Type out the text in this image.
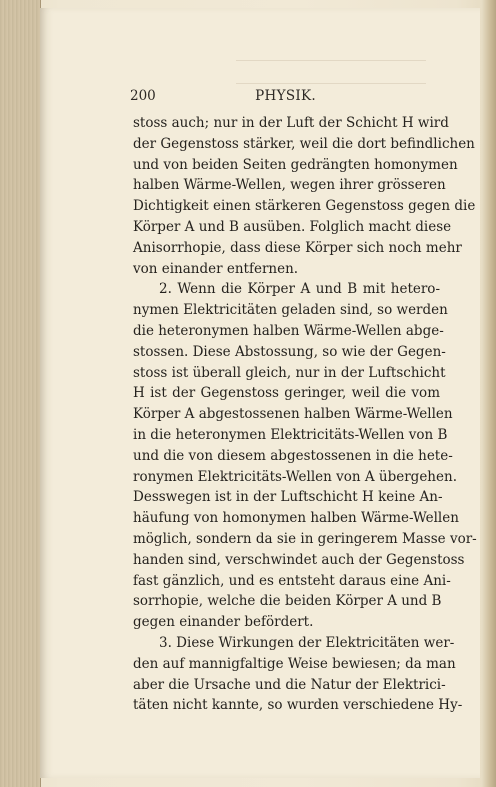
200	PHYSIK.
stoss auch; nur in der Luft der Schicht H wird
der Gegenstoss stärker, weil die dort befindlichen
und von beiden Seiten gedrängten homonymen
halben Wärme-Wellen, wegen ihrer grösseren
Dichtigkeit einen stärkeren Gegenstoss gegen die
Körper A und B ausüben. Folglich macht diese
Anisorrhopie, dass diese Körper sich noch mehr
von einander entfernen.
2. Wenn die Körper A und B mit hetero-
nymen Elektricitäten geladen sind, so werden
die heteronymen halben Wärme-Wellen abge-
stossen. Diese Abstossung, so wie der Gegen-
stoss ist überall gleich, nur in der Luftschicht
H ist der Gegenstoss geringer, weil die vom
Körper A abgestossenen halben Wärme-Wellen
in die heteronymen Elektricitäts-Wellen von B
und die von diesem abgestossenen in die hete-
ronymen Elektricitäts-Wellen von A übergehen.
Desswegen ist in der Luftschicht H keine An-
häufung von homonymen halben Wärme-Wellen
möglich, sondern da sie in geringerem Masse vor-
handen sind, verschwindet auch der Gegenstoss
fast gänzlich, und es entsteht daraus eine Ani-
sorrhopie, welche die beiden Körper A und B
gegen einander befördert.
3. Diese Wirkungen der Elektricitäten wer-
den auf mannigfaltige Weise bewiesen; da man
aber die Ursache und die Natur der Elektrici-
täten nicht kannte, so wurden verschiedene Hy-
